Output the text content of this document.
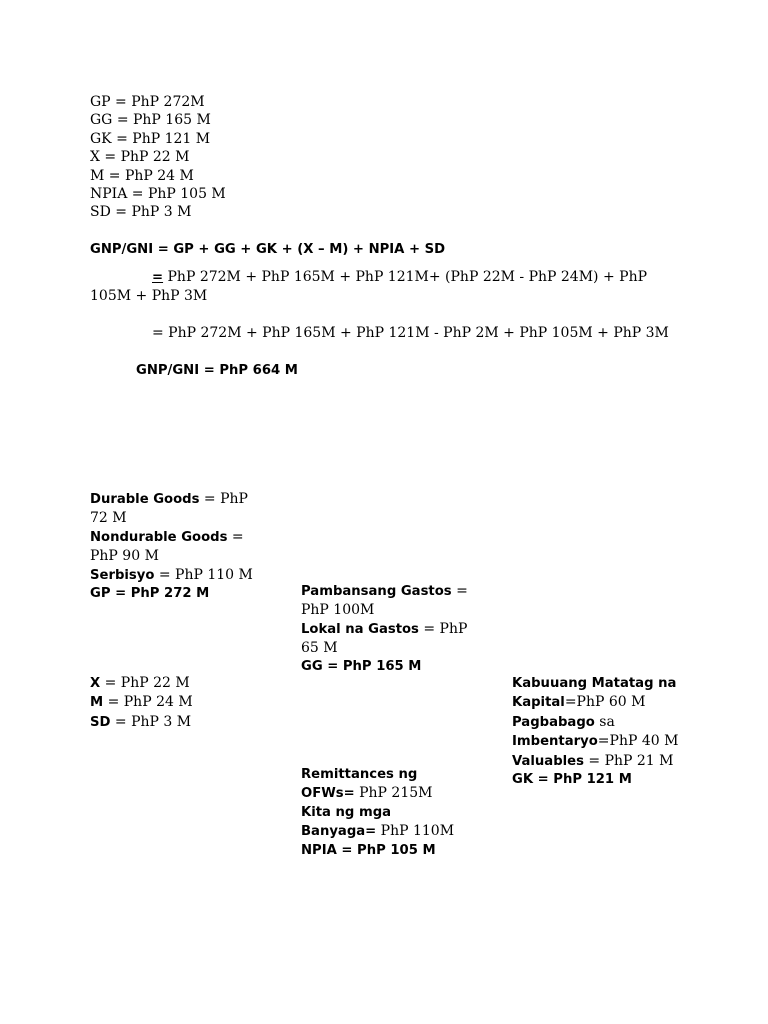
GP = PhP 272M
GG = PhP 165 M
GK = PhP 121 M
X = PhP 22 M
M = PhP 24 M
NPIA = PhP 105 M
SD = PhP 3 M
GNP/GNI = GP + GG + GK + (X – M) + NPIA + SD
= PhP 272M + PhP 165M + PhP 121M+ (PhP 22M - PhP 24M) + PhP
105M + PhP 3M
= PhP 272M + PhP 165M + PhP 121M - PhP 2M + PhP 105M + PhP 3M
GNP/GNI = PhP 664 M
Durable Goods = PhP
72 M
Nondurable Goods =
PhP 90 M
Serbisyo = PhP 110 M
GP = PhP 272 M
X = PhP 22 M
M = PhP 24 M
SD = PhP 3 M
Pambansang Gastos =
PhP 100M
Lokal na Gastos = PhP
65 M
GG = PhP 165 M
Remittances ng
OFWs= PhP 215M
Kita ng mga
Banyaga= PhP 110M
NPIA = PhP 105 M
Kabuuang Matatag na
Kapital=PhP 60 M
Pagbabago sa
Imbentaryo=PhP 40 M
Valuables = PhP 21 M
GK = PhP 121 M
